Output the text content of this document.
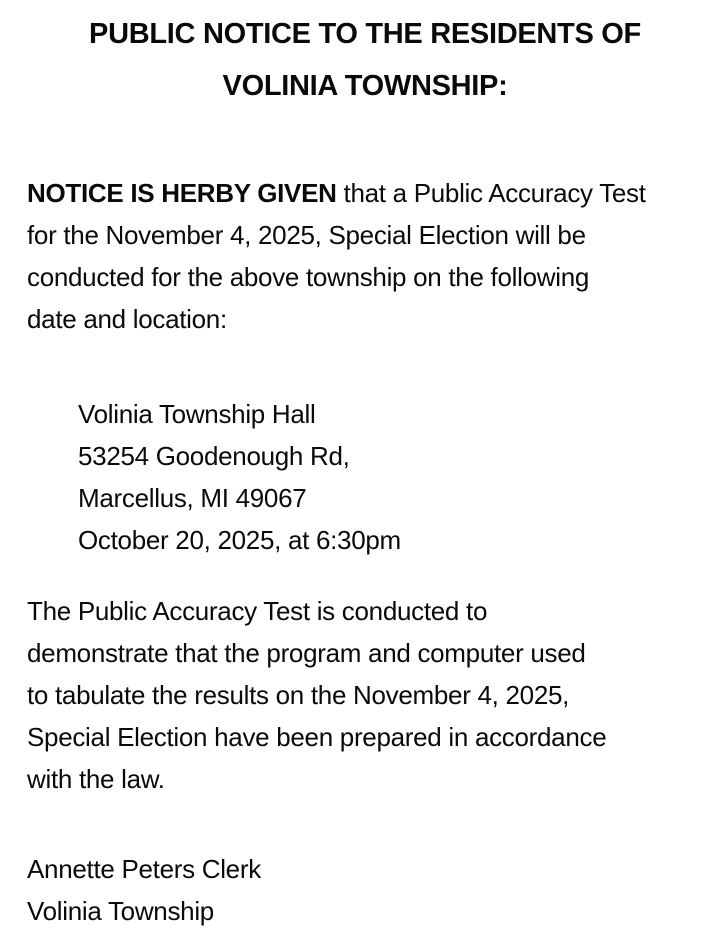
PUBLIC NOTICE TO THE RESIDENTS OF
VOLINIA TOWNSHIP:
NOTICE IS HERBY GIVEN that a Public Accuracy Test
for the November 4, 2025, Special Election will be
conducted for the above township on the following
date and location:
Volinia Township Hall
53254 Goodenough Rd,
Marcellus, MI 49067
October 20, 2025, at 6:30pm
The Public Accuracy Test is conducted to
demonstrate that the program and computer used
to tabulate the results on the November 4, 2025,
Special Election have been prepared in accordance
with the law.
Annette Peters Clerk
Volinia Township
